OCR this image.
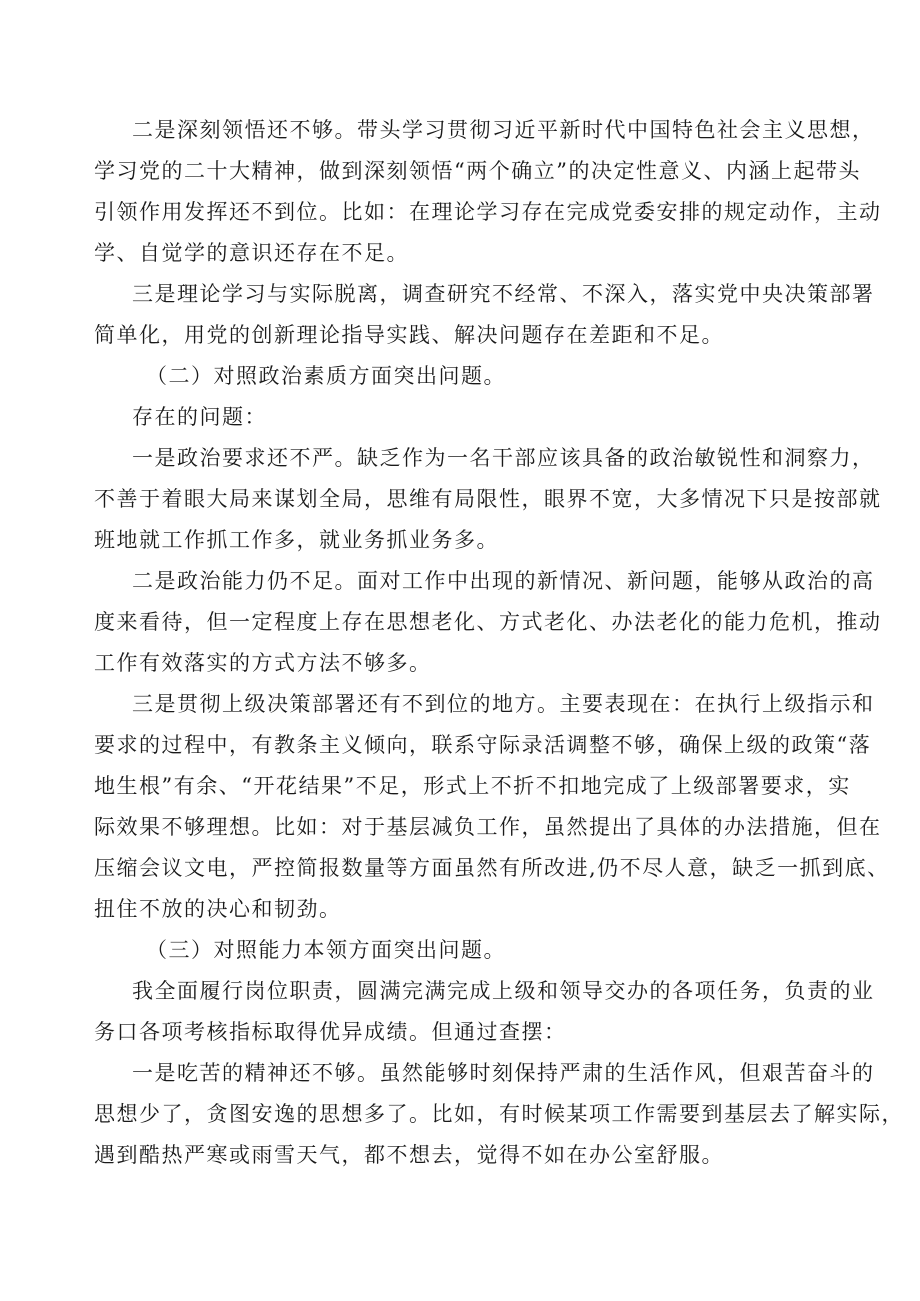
二是深刻领悟还不够。带头学习贯彻习近平新时代中国特色社会主义思想，
学习党的二十大精神，做到深刻领悟“两个确立”的决定性意义、内涵上起带头
引领作用发挥还不到位。比如：在理论学习存在完成党委安排的规定动作，主动
学、自觉学的意识还存在不足。
三是理论学习与实际脱离，调查研究不经常、不深入，落实党中央决策部署
简单化，用党的创新理论指导实践、解决问题存在差距和不足。
（二）对照政治素质方面突出问题。
存在的问题：
一是政治要求还不严。缺乏作为一名干部应该具备的政治敏锐性和洞察力，
不善于着眼大局来谋划全局，思维有局限性，眼界不宽，大多情况下只是按部就
班地就工作抓工作多，就业务抓业务多。
二是政治能力仍不足。面对工作中出现的新情况、新问题，能够从政治的高
度来看待，但一定程度上存在思想老化、方式老化、办法老化的能力危机，推动
工作有效落实的方式方法不够多。
三是贯彻上级决策部署还有不到位的地方。主要表现在：在执行上级指示和
要求的过程中，有教条主义倾向，联系守际录活调整不够，确保上级的政策“落
地生根”有余、“开花结果”不足，形式上不折不扣地完成了上级部署要求，实
际效果不够理想。比如：对于基层减负工作，虽然提出了具体的办法措施，但在
压缩会议文电，严控简报数量等方面虽然有所改进,仍不尽人意，缺乏一抓到底、
扭住不放的决心和韧劲。
（三）对照能力本领方面突出问题。
我全面履行岗位职责，圆满完满完成上级和领导交办的各项任务，负责的业
务口各项考核指标取得优异成绩。但通过查摆：
一是吃苦的精神还不够。虽然能够时刻保持严肃的生活作风，但艰苦奋斗的
思想少了，贪图安逸的思想多了。比如，有时候某项工作需要到基层去了解实际，
遇到酷热严寒或雨雪天气，都不想去，觉得不如在办公室舒服。
